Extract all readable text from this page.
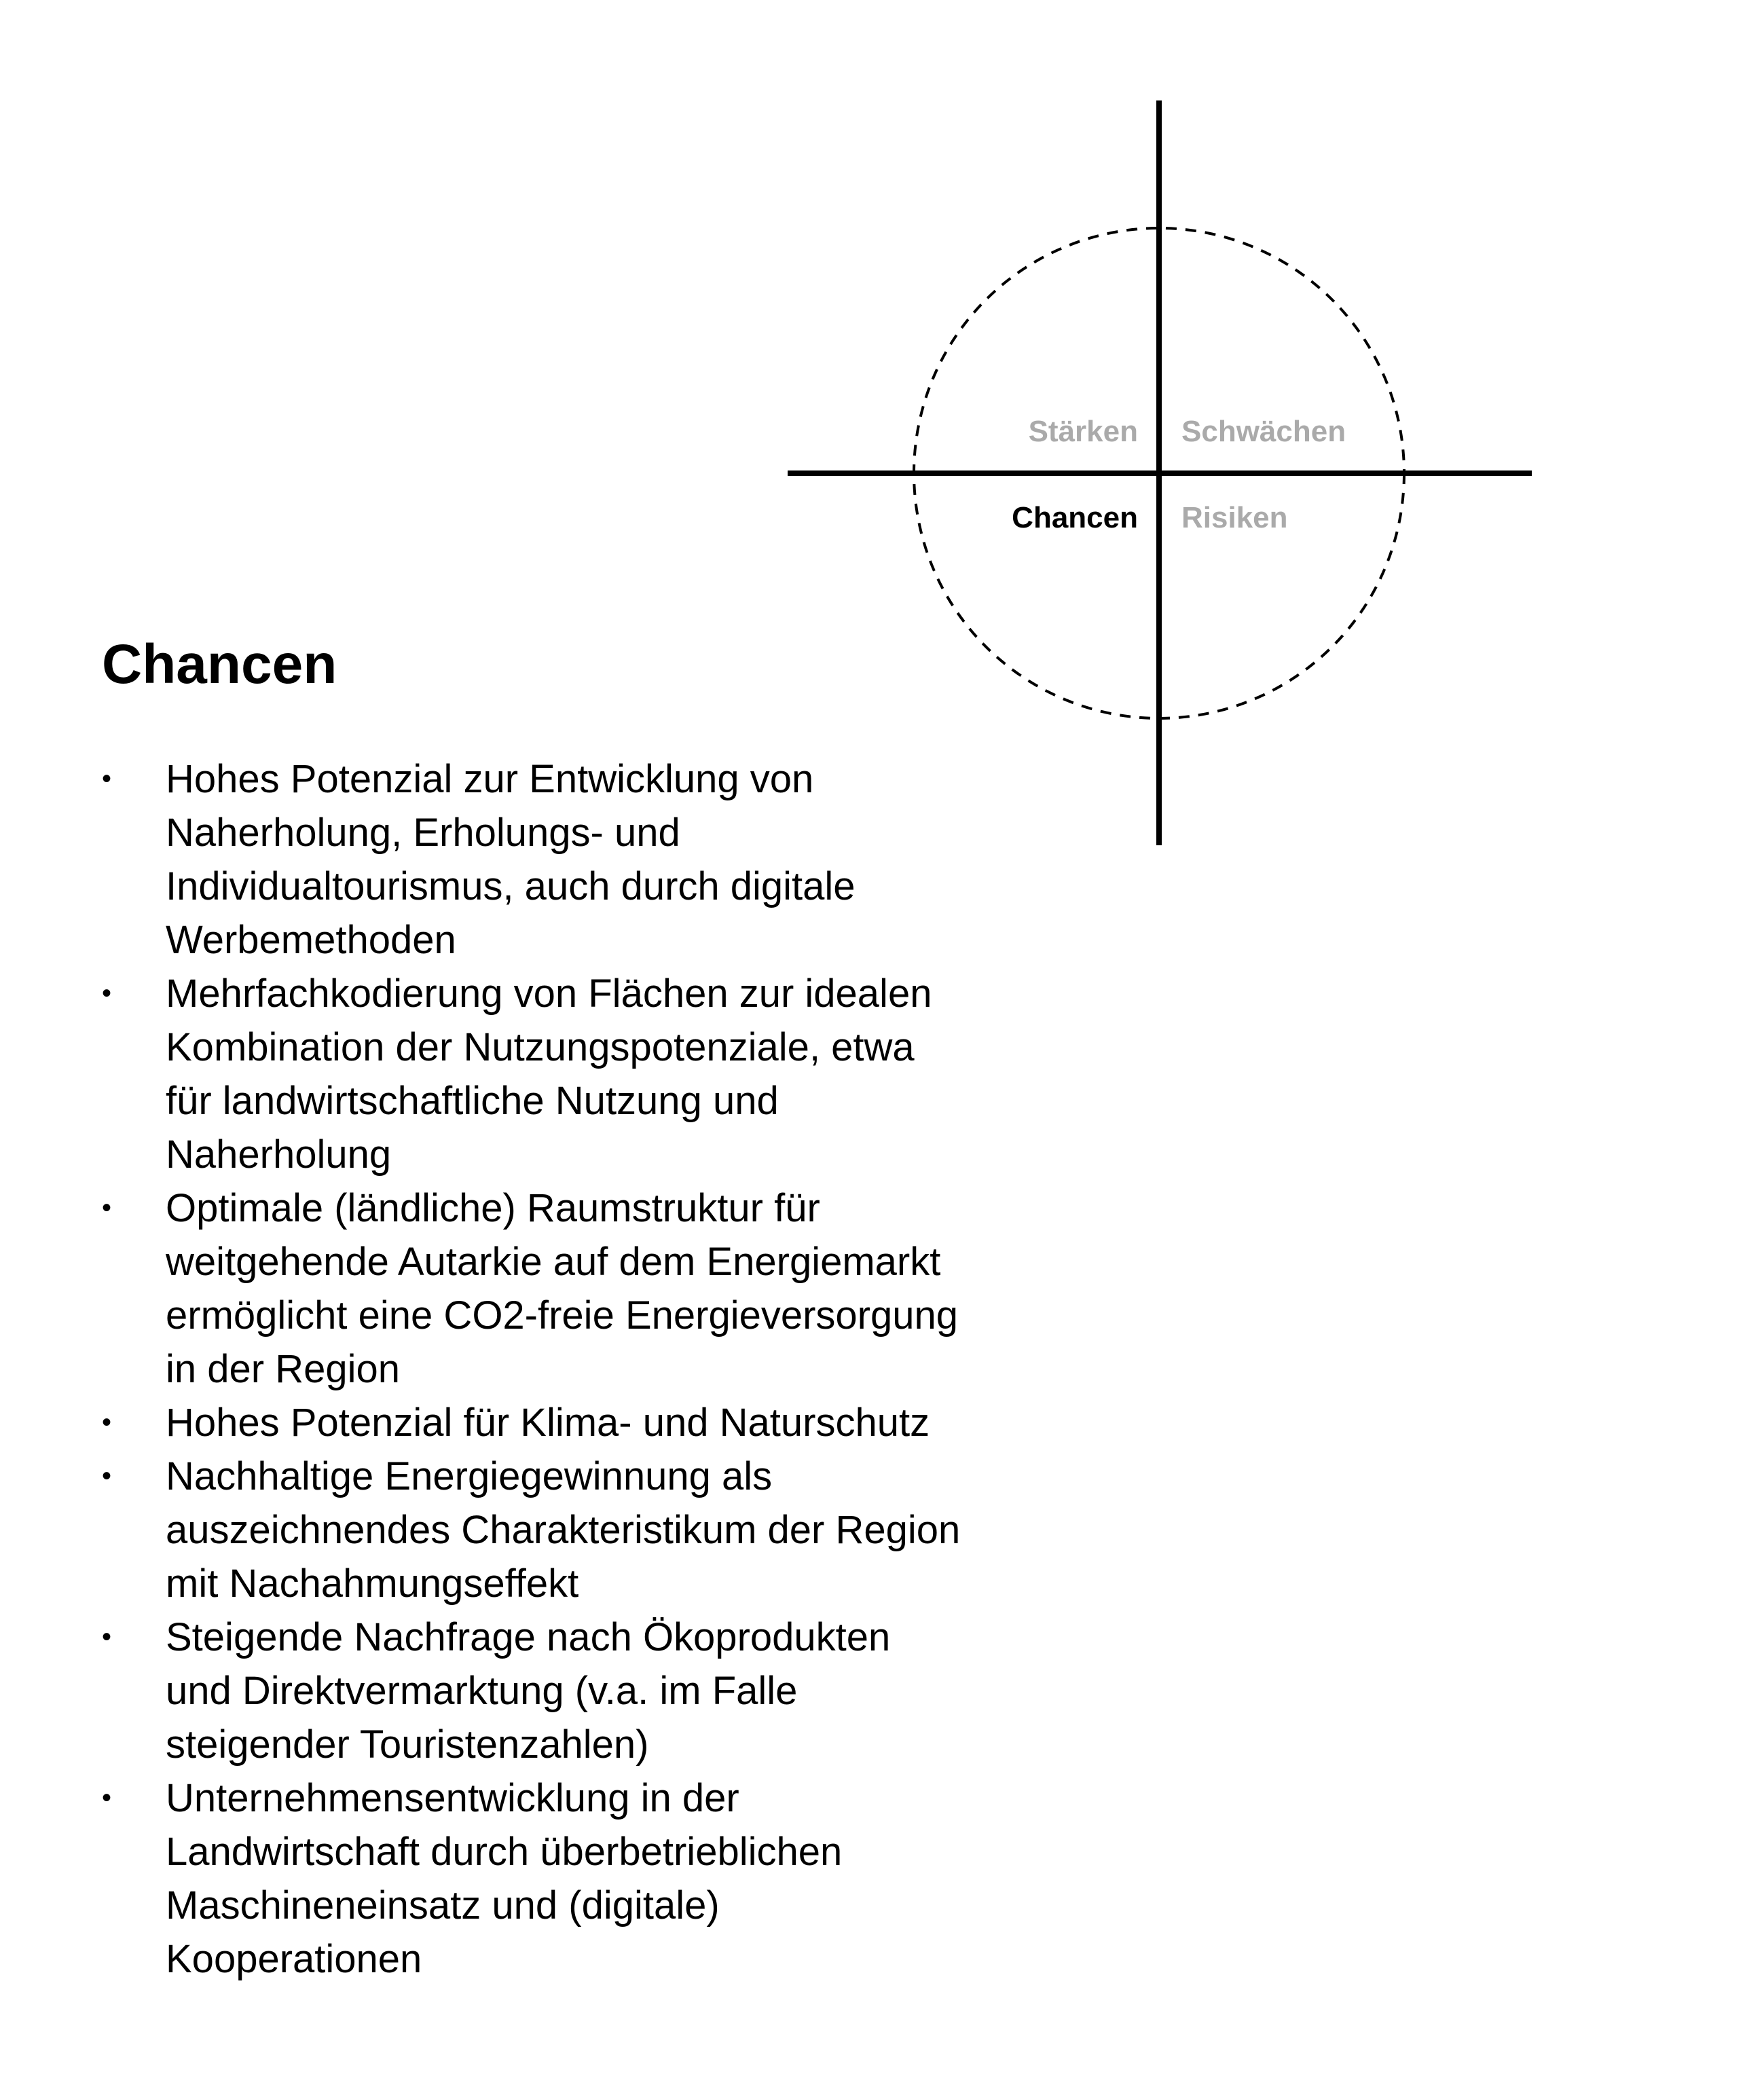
Stärken Schwächen
Chancen Risiken
Chancen
• Hohes Potenzial zur Entwicklung von Naherholung, Erholungs- und Individualtourismus, auch durch digitale Werbemethoden
• Mehrfachkodierung von Flächen zur idealen Kombination der Nutzungspotenziale, etwa für landwirtschaftliche Nutzung und Naherholung
• Optimale (ländliche) Raumstruktur für weitgehende Autarkie auf dem Energiemarkt ermöglicht eine CO2-freie Energieversorgung in der Region
• Hohes Potenzial für Klima- und Naturschutz
• Nachhaltige Energiegewinnung als auszeichnendes Charakteristikum der Region mit Nachahmungseffekt
• Steigende Nachfrage nach Ökoprodukten und Direktvermarktung (v.a. im Falle steigender Touristenzahlen)
• Unternehmensentwicklung in der Landwirtschaft durch überbetrieblichen Maschineneinsatz und (digitale) Kooperationen
